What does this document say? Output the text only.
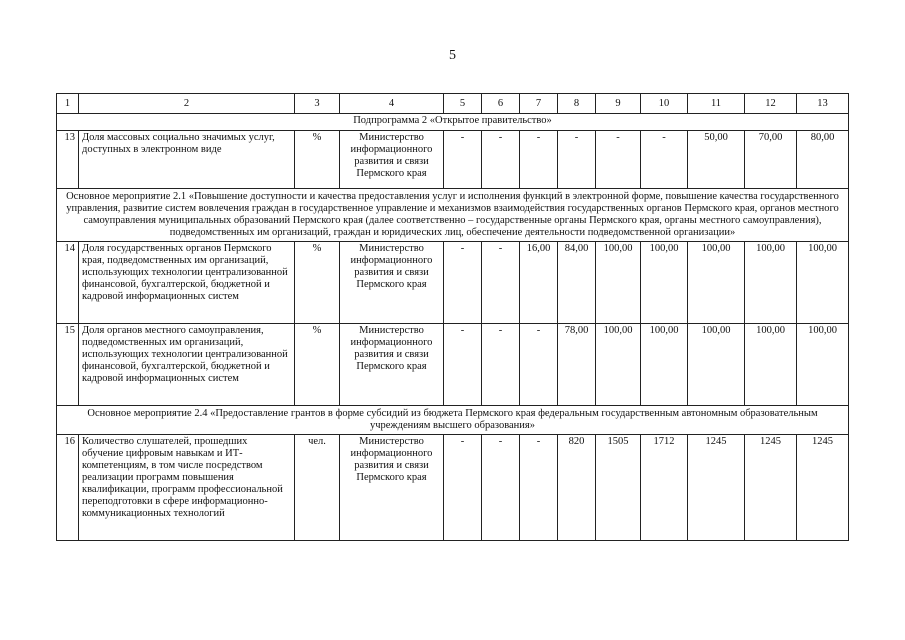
5
1	2	3	4	5	6	7	8	9	10	11	12	13
Подпрограмма 2 «Открытое правительство»												
13	Доля массовых социально значимых услуг, доступных в электронном виде	%	Министерство информационного развития и связи Пермского края	-	-	-	-	-	-	50,00	70,00	80,00
Основное мероприятие 2.1 «Повышение доступности и качества предоставления услуг и исполнения функций в электронной форме, повышение качества государственного управления, развитие систем вовлечения граждан в государственное управление и механизмов взаимодействия государственных органов Пермского края, органов местного самоуправления муниципальных образований Пермского края (далее соответственно – государственные органы Пермского края, органы местного самоуправления), подведомственных им организаций, граждан и юридических лиц, обеспечение деятельности подведомственной организации»												
14	Доля государственных органов Пермского края, подведомственных им организаций, использующих технологии централизованной финансовой, бухгалтерской, бюджетной и кадровой информационных систем	%	Министерство информационного развития и связи Пермского края	-	-	16,00	84,00	100,00	100,00	100,00	100,00	100,00
15	Доля органов местного самоуправления, подведомственных им организаций, использующих технологии централизованной финансовой, бухгалтерской, бюджетной и кадровой информационных систем	%	Министерство информационного развития и связи Пермского края	-	-	-	78,00	100,00	100,00	100,00	100,00	100,00
Основное мероприятие 2.4 «Предоставление грантов в форме субсидий из бюджета Пермского края федеральным государственным автономным образовательным учреждениям высшего образования»												
16	Количество слушателей, прошедших обучение цифровым навыкам и ИТ-компетенциям, в том числе посредством реализации программ повышения квалификации, программ профессиональной переподготовки в сфере информационно-коммуникационных технологий	чел.	Министерство информационного развития и связи Пермского края	-	-	-	820	1505	1712	1245	1245	1245
